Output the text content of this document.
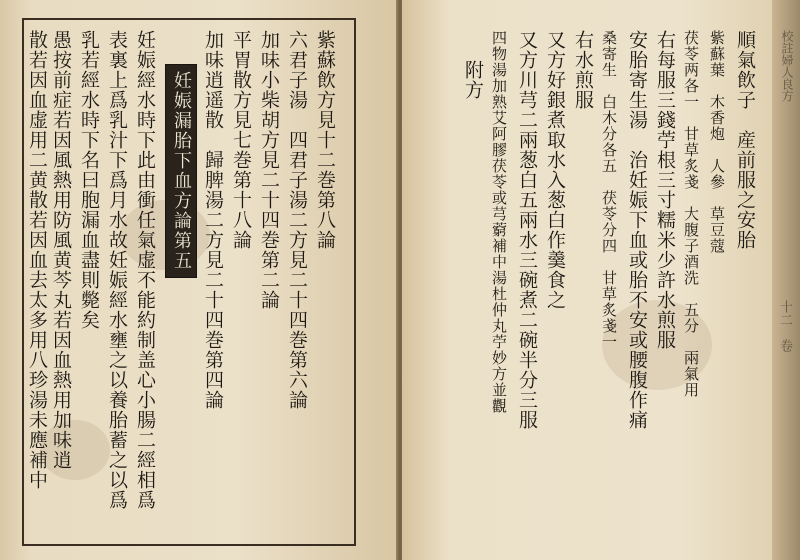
紫蘇飲方見十二巻第八論
六君子湯　四君子湯二方見二十四巻第六論
加味小柴胡方見二十四巻第二論
平胃散方見七巻第十八論
加味逍遥散　歸脾湯二方見二十四巻第四論
妊娠漏胎下血方論第五
妊娠經水時下此由衝任氣虚不能約制盖心小腸二經相爲
表裏上爲乳汁下爲月水故妊娠經水壅之以養胎蓄之以爲
乳若經水時下名曰胞漏血盡則斃矣
愚按前症若因風熱用防風黄芩丸若因血熱用加味逍
散若因血虚用二黄散若因血去太多用八珍湯未應補中	順氣飲子　産前服之安胎
紫蘇葉　木香炮　人參　草豆蔻
茯苓两各一　甘草炙戔　大腹子酒洗　五分　兩氣用
右每服三錢苧根三寸糯米少許水煎服
安胎寄生湯　治妊娠下血或胎不安或腰腹作痛
桑寄生　白木分各五　茯苓分四　甘草炙戔一
右水煎服
又方好銀煮取水入葱白作羹食之
又方川芎二兩葱白五兩水三碗煮二碗半分三服
四物湯加熟艾阿膠茯苓或芎藭補中湯杜仲丸苧妙方並觀
附方	校註婦人良方
十二　卷
